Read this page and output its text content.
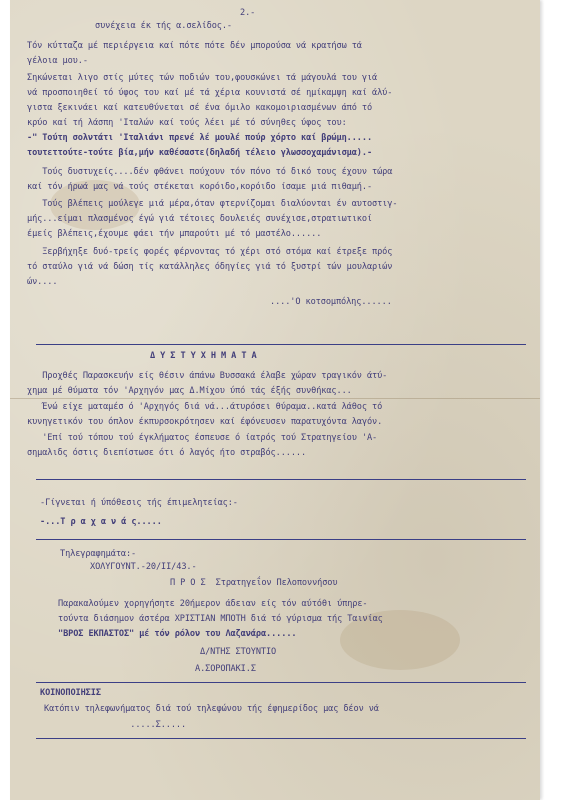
2.-
συνέχεια έκ τής α.σελίδος.-
Τόν κύτταζα μέ περιέργεια καί πότε πότε δέν μπορούσα νά κρατήσω τά
γέλοια μου.-
Σηκώνεται λιγο στίς μύτες τών ποδιών του,φουσκώνει τά μάγουλά του γιά
νά προσποιηθεί τό ύφος του καί μέ τά χέρια κουνιστά σέ ημίκαμψη καί άλύ-
γιστα ξεκινάει καί κατευθύνεται σέ ένα όμιλο κακομοιριασμένων άπό τό
κρύο καί τή λάσπη 'Ιταλών καί τούς λέει μέ τό σύνηθες ύφος του:
-" Τούτη σολντάτι 'Ιταλιάνι πρενέ λέ μουλέ πούρ χόρτο καί βρώμη.....
τουτεττούτε-τούτε βία,μήν καθέσαστε(δηλαδή τέλειο γλωσσοχαμάνισμα).-
Τούς δυστυχείς....δέν φθάνει πούχουν τόν πόνο τό δικό τους έχουν τώρα
καί τόν ήρωά μας νά τούς στέκεται κορόιδο,κορόιδο ίσαμε μιά πιθαμή.-
Τούς βλέπεις μούλεγε μιά μέρα,όταν φτερνίζομαι διαλύονται έν αυτοστιγ-
μής...είμαι πλασμένος έγώ γιά τέτοιες δουλειές συνέχισε,στρατιωτικοί
έμείς βλέπεις,έχουμε φάει τήν μπαρούτι μέ τό μαστέλο......
Ξερβήχηξε δυό-τρείς φορές φέρνοντας τό χέρι στό στόμα καί έτρεξε πρός
τό σταύλο γιά νά δώση τίς κατάλληλες όδηγίες γιά τό ξυστρί τών μουλαριών
ών....
....'Ο κοτσομπόλης......
Δ Υ Σ Τ Υ Χ Η Μ Α Τ Α
Προχθές Παρασκευήν είς θέσιν άπάνω Βυσσακά έλαβε χώραν τραγικόν άτύ-
χημα μέ θύματα τόν 'Αρχηγόν μας Δ.Μίχου ύπό τάς έξής συνθήκας...
Ένώ είχε ματαμέσ ό 'Αρχηγός διά νά...άτυρόσει θύραμα..κατά λάθος τό
κυνηγετικόν του όπλον έκπυρσοκρότησεν καί έφόνευσεν παρατυχόντα λαγόν.
'Επί τού τόπου τού έγκλήματος έσπευσε ό ίατρός τού Στρατηγείου 'Α-
σημαλιδς όστις διεπίστωσε ότι ό λαγός ήτο στραβός......
-Γίγνεται ή ύπόθεσις τής έπιμελητείας:-
-...Τ ρ α χ α ν ά ς.....
Τηλεγραφημάτα:-
ΧΟΛΥΓΟΥΝΤ.-20/II/43.-
Π Ρ Ο Σ  Στρατηγεΐον Πελοποννήσου
Παρακαλούμεν χορηγήσητε 20ήμερον άδειαν είς τόν αύτόθι ύπηρε-
τούντα διάσημον άστέρα ΧΡΙΣΤΙΑΝ ΜΠΟΤΗ διά τό γύρισμα τής Ταινίας
"ΒΡΟΣ ΕΚΠΑΣΤΟΣ" μέ τόν ρόλον του Λαζανάρα......
Δ/ΝΤΗΣ ΣΤΟΥΝΤΙΟ
Α.ΣΟΡΟΠΑΚΙ.Σ
ΚΟΙΝΟΠΟΙΗΣΙΣ
Κατόπιν τηλεφωνήματος διά τού τηλεφώνου τής έφημερίδος μας δέον νά
.....Σ.....
